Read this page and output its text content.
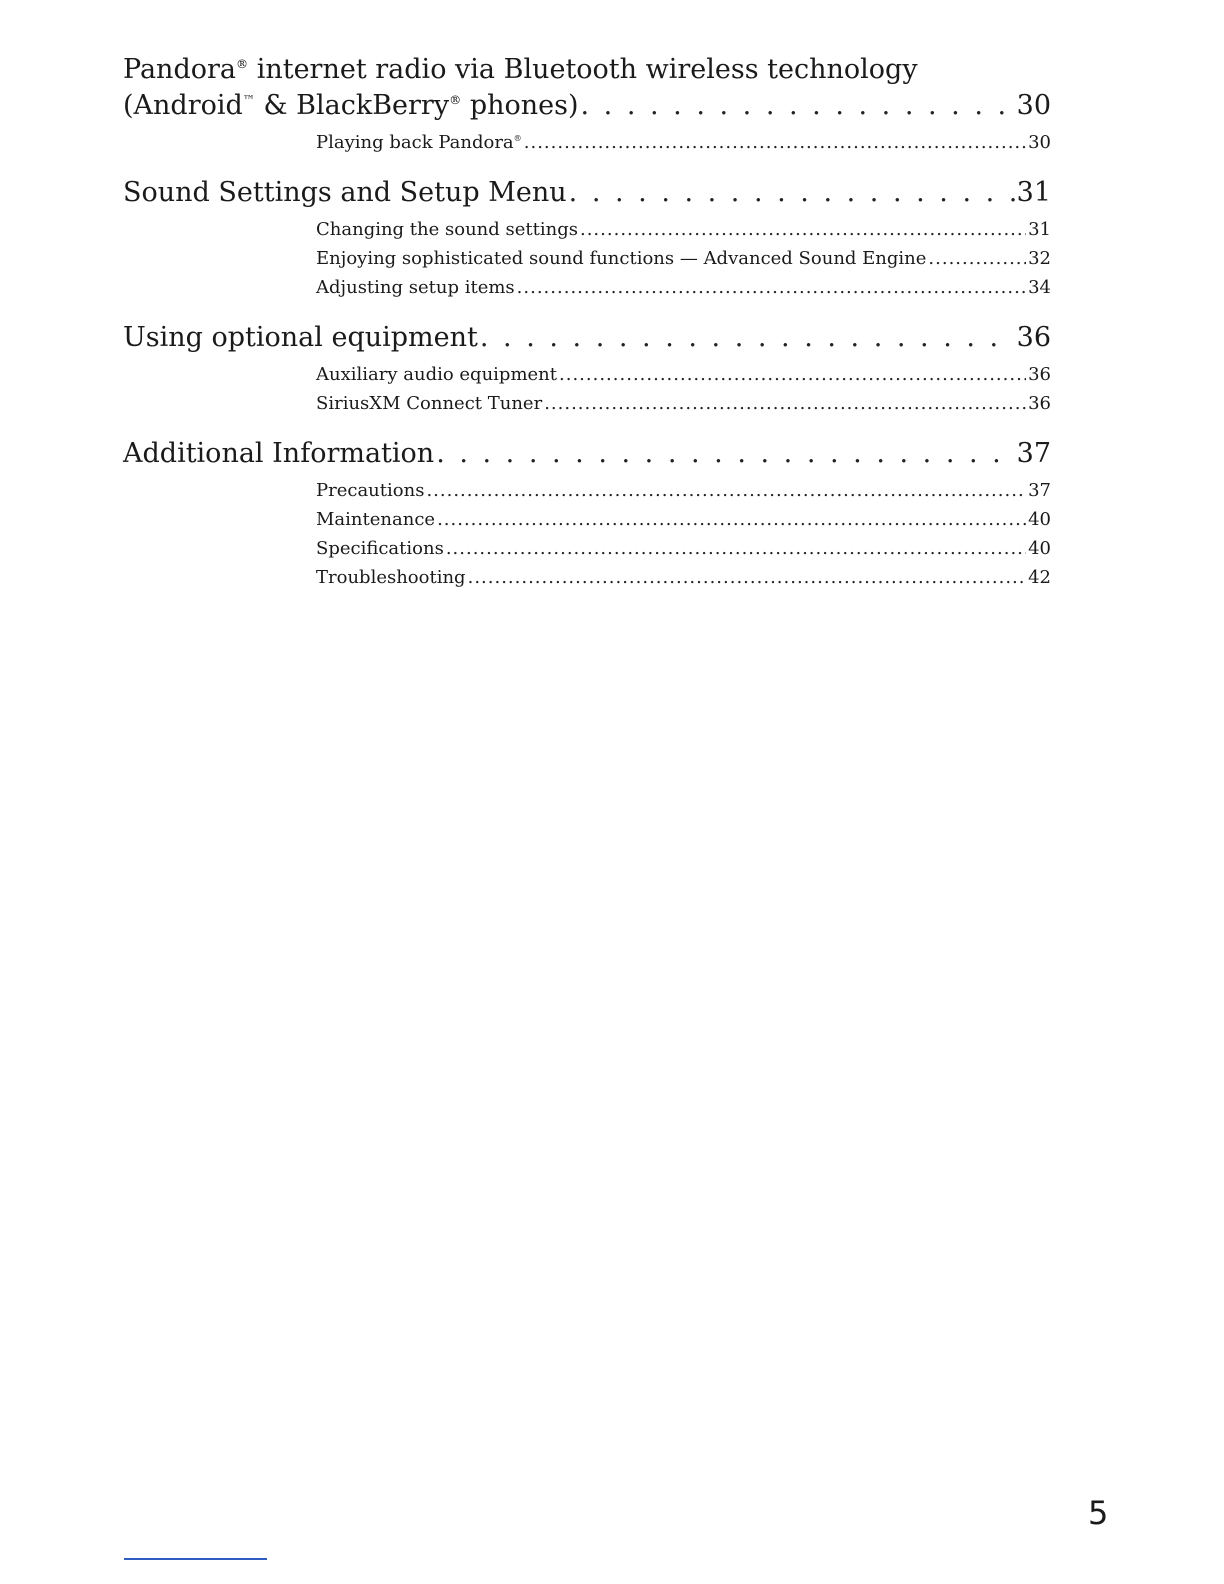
Pandora® internet radio via Bluetooth wireless technology
(Android™ & BlackBerry® phones) . . .	30
Playing back Pandora® .....	30
Sound Settings and Setup Menu . . .	31
Changing the sound settings .....	31
Enjoying sophisticated sound functions — Advanced Sound Engine .....	32
Adjusting setup items .....	34
Using optional equipment . . .	36
Auxiliary audio equipment .....	36
SiriusXM Connect Tuner .....	36
Additional Information . . .	37
Precautions .....	37
Maintenance .....	40
Specifications .....	40
Troubleshooting .....	42
5
